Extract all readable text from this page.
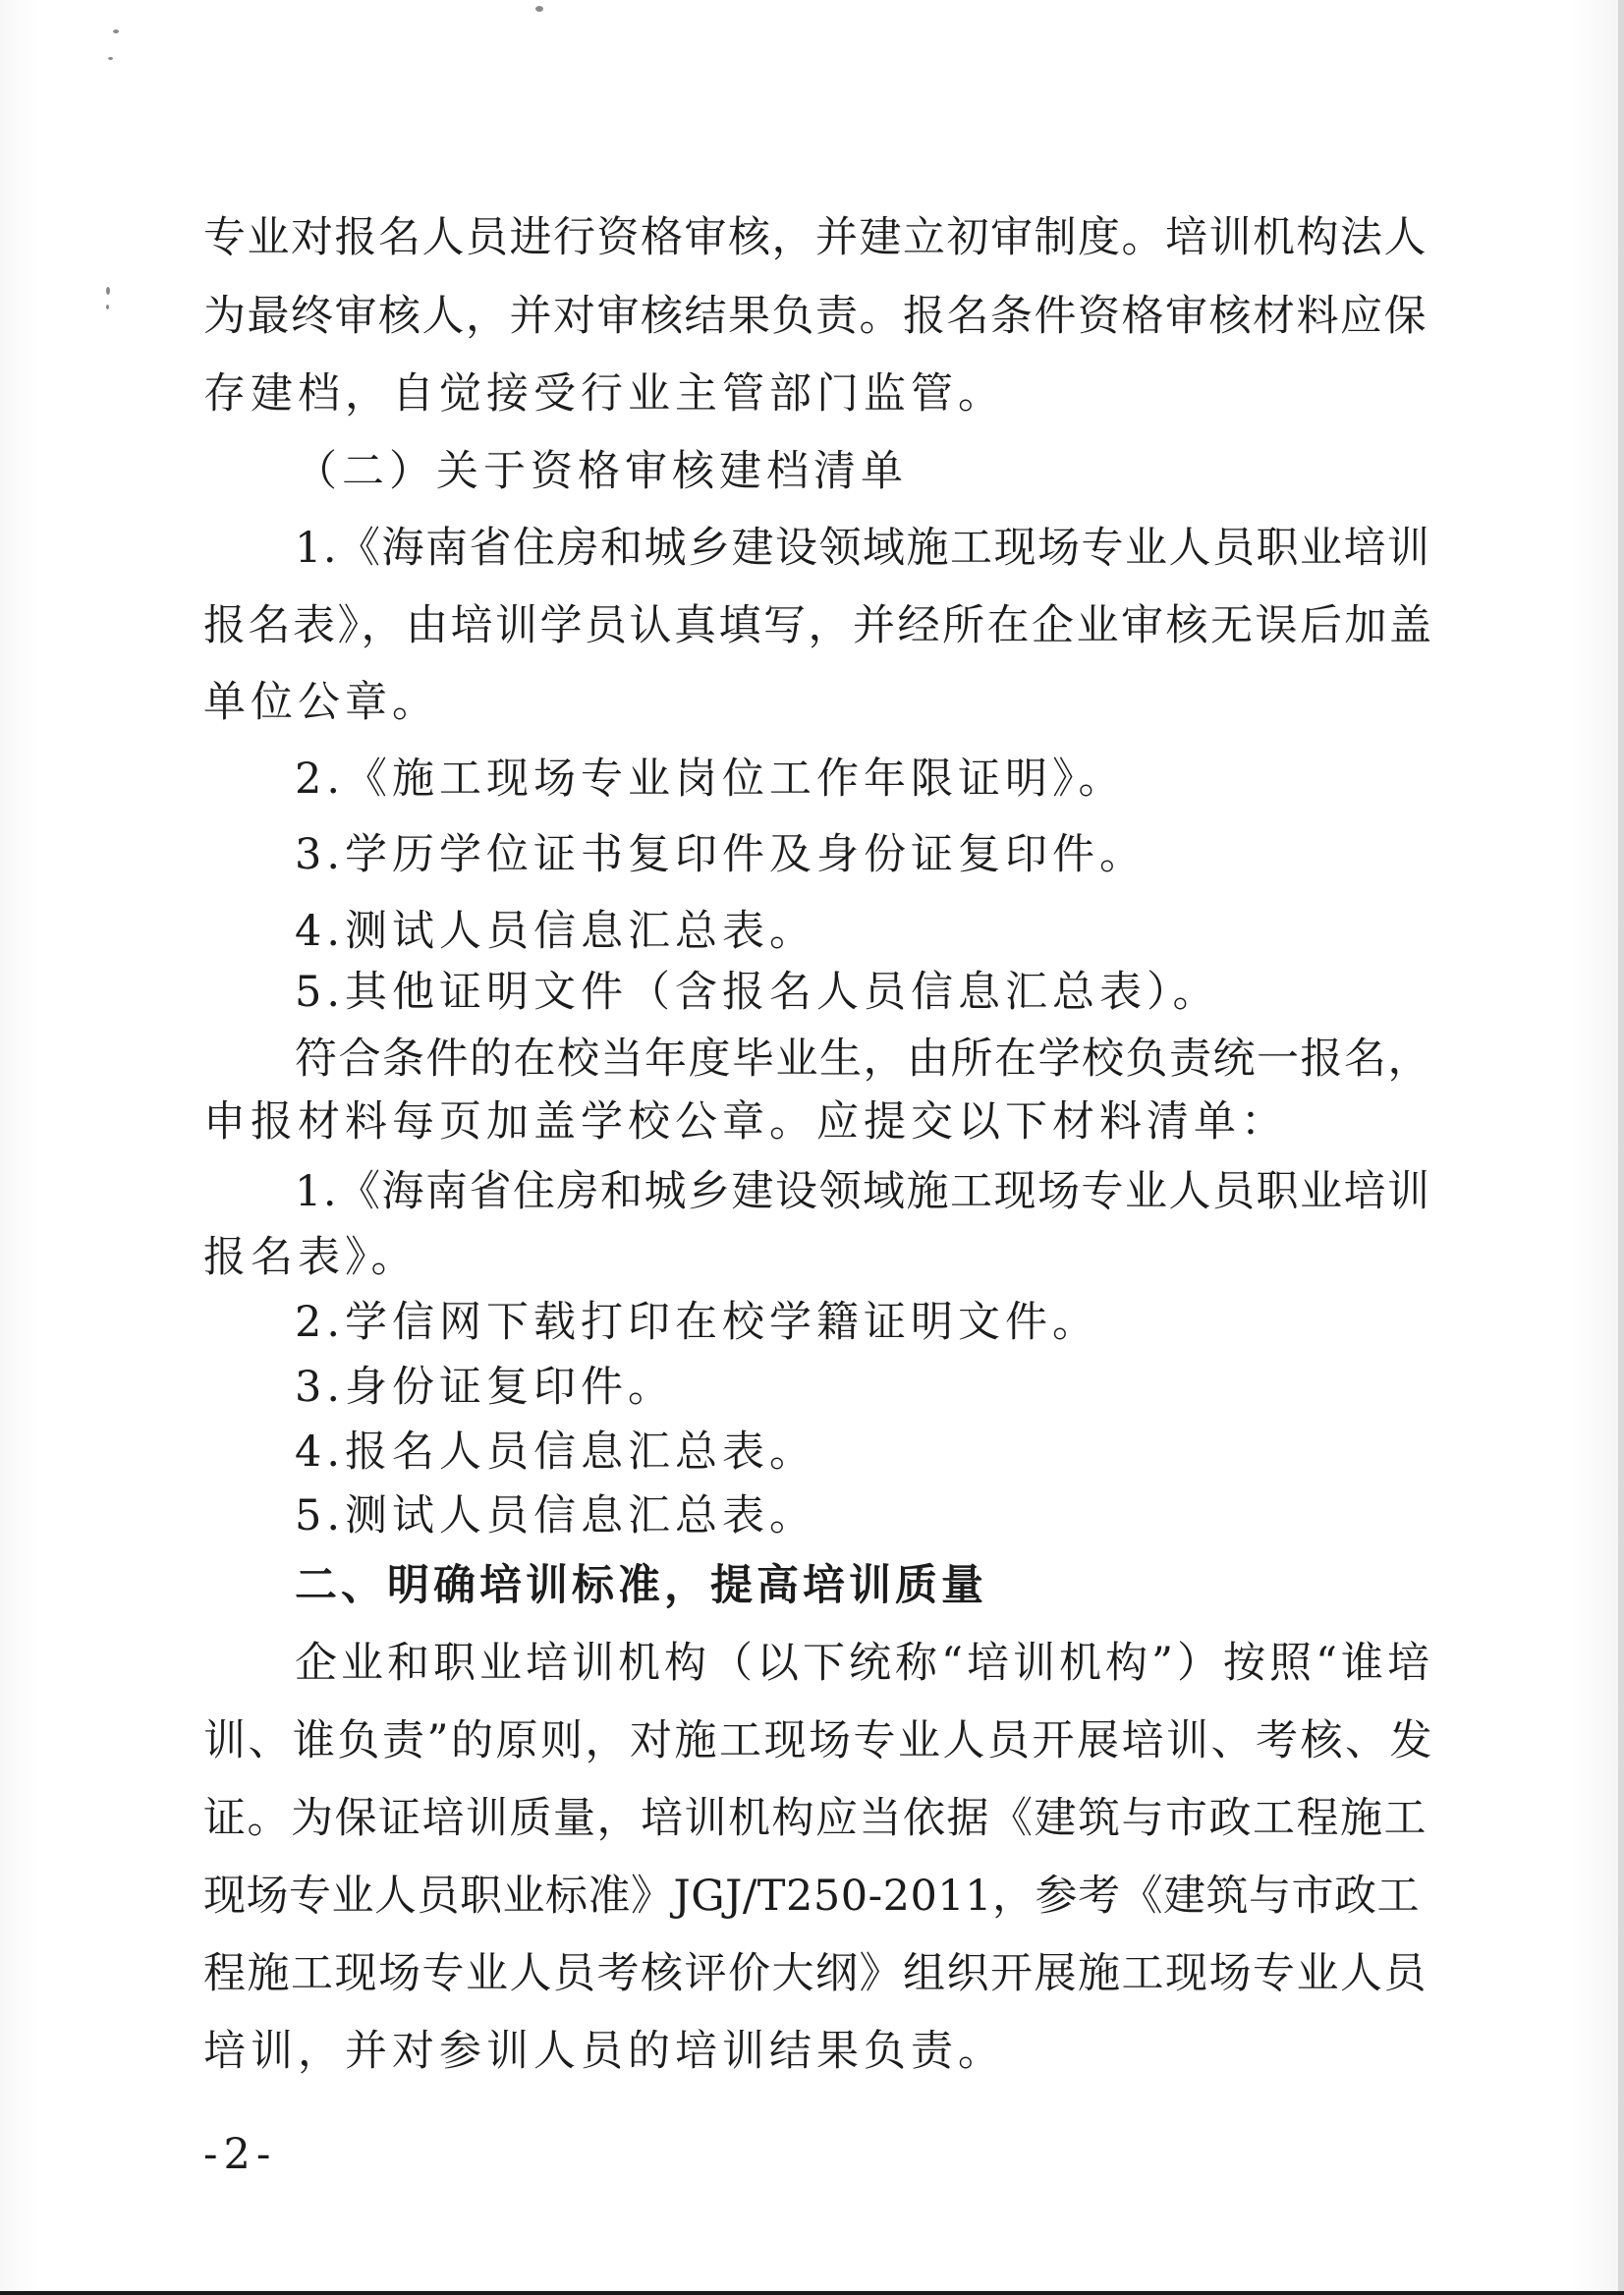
专业对报名人员进行资格审核，并建立初审制度。培训机构法人
为最终审核人，并对审核结果负责。报名条件资格审核材料应保
存建档，自觉接受行业主管部门监管。
（二）关于资格审核建档清单
1.《海南省住房和城乡建设领域施工现场专业人员职业培训
报名表》，由培训学员认真填写，并经所在企业审核无误后加盖
单位公章。
2.《施工现场专业岗位工作年限证明》。
3.学历学位证书复印件及身份证复印件。
4.测试人员信息汇总表。
5.其他证明文件（含报名人员信息汇总表）。
符合条件的在校当年度毕业生，由所在学校负责统一报名，
申报材料每页加盖学校公章。应提交以下材料清单：
1.《海南省住房和城乡建设领域施工现场专业人员职业培训
报名表》。
2.学信网下载打印在校学籍证明文件。
3.身份证复印件。
4.报名人员信息汇总表。
5.测试人员信息汇总表。
二、明确培训标准，提高培训质量
企业和职业培训机构（以下统称“培训机构”）按照“谁培
训、谁负责”的原则，对施工现场专业人员开展培训、考核、发
证。为保证培训质量，培训机构应当依据《建筑与市政工程施工
现场专业人员职业标准》JGJ/T250-2011，参考《建筑与市政工
程施工现场专业人员考核评价大纲》组织开展施工现场专业人员
培训，并对参训人员的培训结果负责。
-2-
